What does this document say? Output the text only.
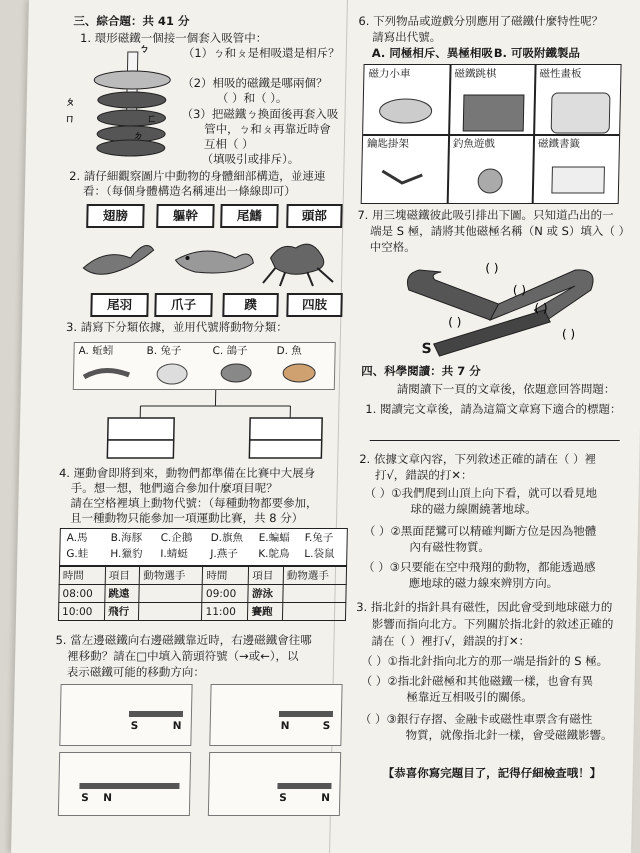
三、綜合題：共 41 分
1. 環形磁鐵一個接一個套入吸管中：
ㄅ
ㄆ
ㄇ	ㄈ
ㄉ
（1）ㄅ和ㄆ是相吸還是相斥？
（2）相吸的磁鐵是哪兩個？
（ ）和（ ）。
（3）把磁鐵ㄅ換面後再套入吸
管中，ㄅ和ㄆ再靠近時會
互相（ ）
（填吸引或排斥）。
2. 請仔細觀察圖片中動物的身體細部構造，並連連
看：（每個身體構造名稱連出一條線即可）
翅膀	軀幹	尾鰭	頭部
尾羽	爪子	蹼	四肢
3. 請寫下分類依據，並用代號將動物分類：
A. 蚯蚓	B. 兔子	C. 鴿子	D. 魚
4. 運動會即將到來，動物們都準備在比賽中大展身
手。想一想，牠們適合參加什麼項目呢？
請在空格裡填上動物代號：（每種動物都要參加，
且一種動物只能參加一項運動比賽，共 8 分）
A.馬 B.海豚 C.企鵝 D.旗魚 E.蝙蝠 F.兔子
G.蛙 H.獵豹 I.蜻蜓 J.燕子 K.鴕鳥 L.袋鼠
時間	項目	動物選手	時間	項目	動物選手
08:00	跳遠		09:00	游泳	
10:00	飛行		11:00	賽跑	
5. 當左邊磁鐵向右邊磁鐵靠近時，右邊磁鐵會往哪
裡移動？請在□中填入箭頭符號（→或←），以
表示磁鐵可能的移動方向：
S	N	N	S
S N	S	N
6. 下列物品或遊戲分別應用了磁鐵什麼特性呢？
請寫出代號。
A. 同極相斥、異極相吸 B. 可吸附鐵製品
磁力小車	磁鐵跳棋	磁性畫板
鑰匙掛架	釣魚遊戲	磁鐵書籤
7. 用三塊磁鐵彼此吸引排出下圖。只知道凸出的一
端是 S 極，請將其他磁極名稱（N 或 S）填入（ ）
中空格。
( )
( )
( )
( )
( )
S
四、科學閱讀：共 7 分
請閱讀下一頁的文章後，依題意回答問題：
1. 閱讀完文章後，請為這篇文章寫下適合的標題：
2. 依據文章內容，下列敘述正確的請在（ ）裡
打√，錯誤的打✕：
（ ）①我們爬到山頂上向下看，就可以看見地
球的磁力線圍繞著地球。
（ ）②黑面琵鷺可以精確判斷方位是因為牠體
內有磁性物質。
（ ）③只要能在空中飛翔的動物，都能透過感
應地球的磁力線來辨別方向。
3. 指北針的指針具有磁性，因此會受到地球磁力的
影響而指向北方。下列關於指北針的敘述正確的
請在（ ）裡打√，錯誤的打✕：
（ ）①指北針指向北方的那一端是指針的 S 極。
（ ）②指北針磁極和其他磁鐵一樣，也會有異
極靠近互相吸引的關係。
（ ）③銀行存摺、金融卡或磁性車票含有磁性
物質，就像指北針一樣，會受磁鐵影響。
【恭喜你寫完題目了，記得仔細檢查哦！】
